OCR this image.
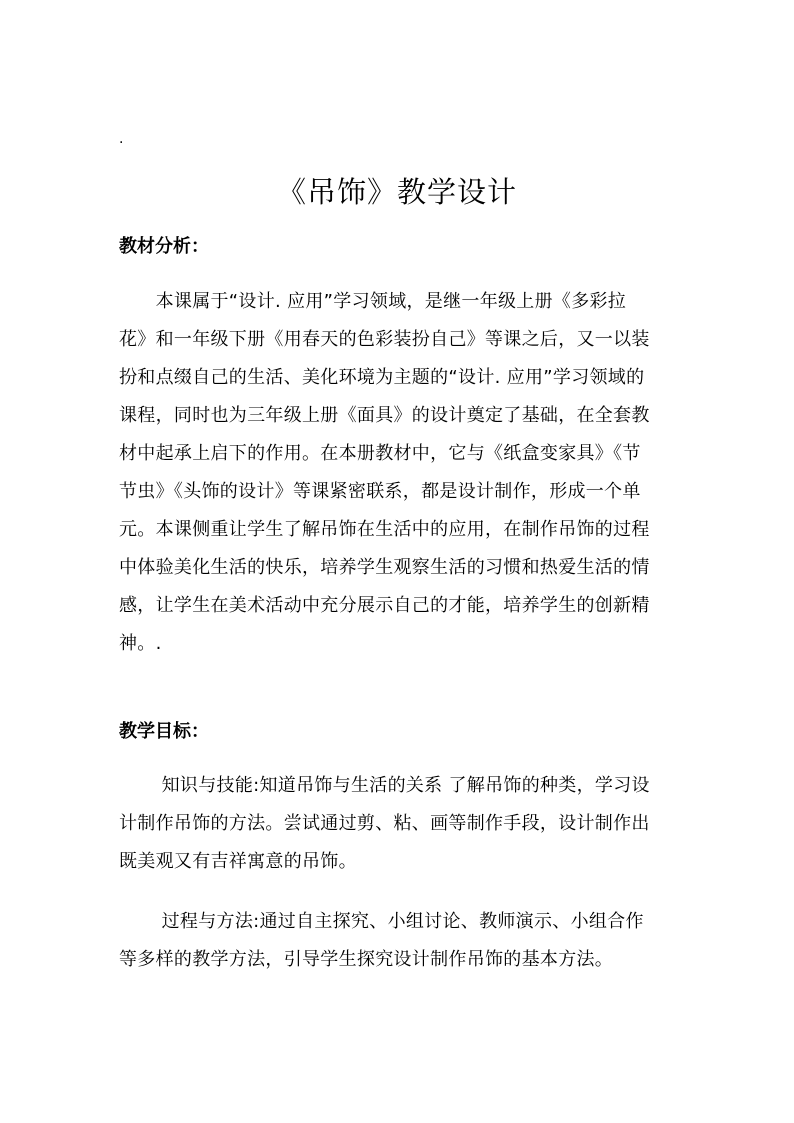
·
《吊饰》教学设计
教材分析：
　　本课属于“设计. 应用”学习领域，是继一年级上册《多彩拉
花》和一年级下册《用春天的色彩装扮自己》等课之后，又一以装
扮和点缀自己的生活、美化环境为主题的“设计. 应用”学习领域的
课程，同时也为三年级上册《面具》的设计奠定了基础，在全套教
材中起承上启下的作用。在本册教材中，它与《纸盒变家具》《节
节虫》《头饰的设计》等课紧密联系，都是设计制作，形成一个单
元。本课侧重让学生了解吊饰在生活中的应用，在制作吊饰的过程
中体验美化生活的快乐，培养学生观察生活的习惯和热爱生活的情
感，让学生在美术活动中充分展示自己的才能，培养学生的创新精
神。.
教学目标：
　　 知识与技能:知道吊饰与生活的关系 了解吊饰的种类，学习设
计制作吊饰的方法。尝试通过剪、粘、画等制作手段，设计制作出
既美观又有吉祥寓意的吊饰。
　　 过程与方法:通过自主探究、小组讨论、教师演示、小组合作
等多样的教学方法，引导学生探究设计制作吊饰的基本方法。
